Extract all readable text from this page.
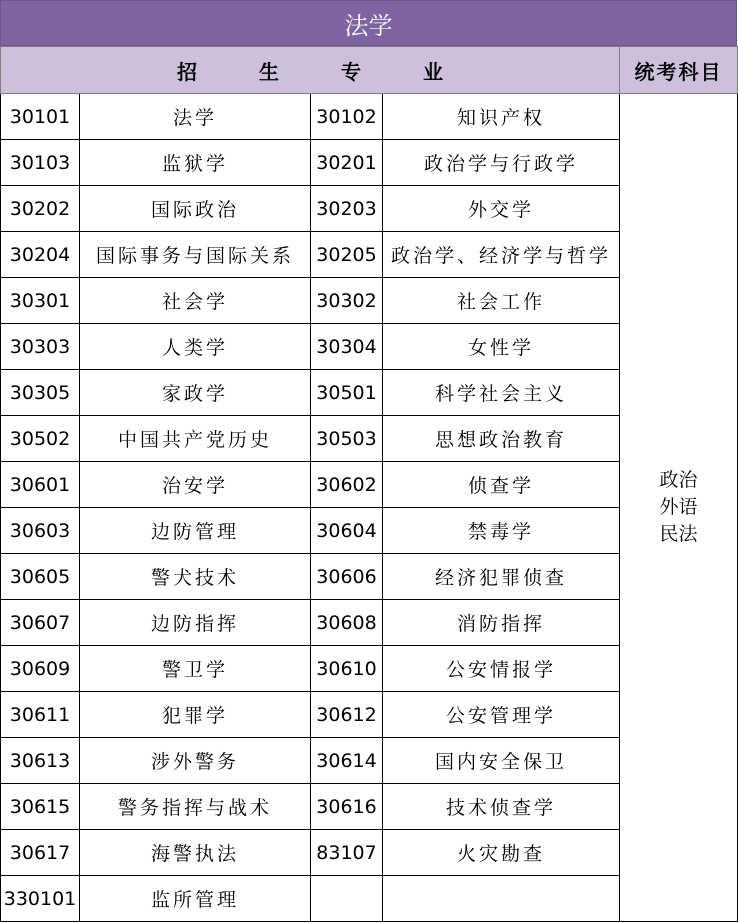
法学
招 生 专 业				统考科目
30101	法学	30102	知识产权	政治
外语
民法

30103	监狱学	30201	政治学与行政学	
30202	国际政治	30203	外交学	
30204	国际事务与国际关系	30205	政治学、经济学与哲学	
30301	社会学	30302	社会工作	
30303	人类学	30304	女性学	
30305	家政学	30501	科学社会主义	
30502	中国共产党历史	30503	思想政治教育	
30601	治安学	30602	侦查学	
30603	边防管理	30604	禁毒学	
30605	警犬技术	30606	经济犯罪侦查	
30607	边防指挥	30608	消防指挥	
30609	警卫学	30610	公安情报学	
30611	犯罪学	30612	公安管理学	
30613	涉外警务	30614	国内安全保卫	
30615	警务指挥与战术	30616	技术侦查学	
30617	海警执法	83107	火灾勘查	
330101	监所管理			
